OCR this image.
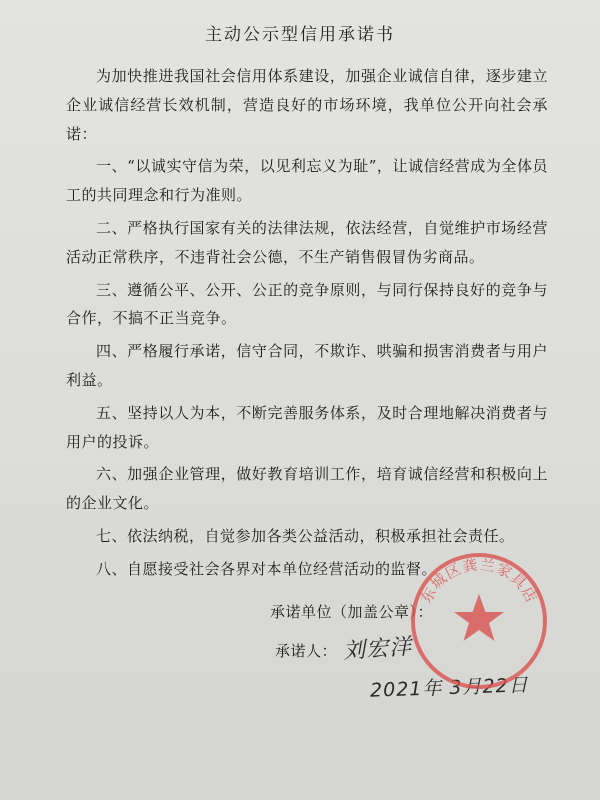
主动公示型信用承诺书

为加快推进我国社会信用体系建设，加强企业诚信自律，逐步建立企业诚信经营长效机制，营造良好的市场环境，我单位公开向社会承诺：

一、“以诚实守信为荣，以见利忘义为耻”，让诚信经营成为全体员工的共同理念和行为准则。

二、严格执行国家有关的法律法规，依法经营，自觉维护市场经营活动正常秩序，不违背社会公德，不生产销售假冒伪劣商品。

三、遵循公平、公开、公正的竞争原则，与同行保持良好的竞争与合作，不搞不正当竞争。

四、严格履行承诺，信守合同，不欺诈、哄骗和损害消费者与用户利益。

五、坚持以人为本，不断完善服务体系，及时合理地解决消费者与用户的投诉。

六、加强企业管理，做好教育培训工作，培育诚信经营和积极向上的企业文化。

七、依法纳税，自觉参加各类公益活动，积极承担社会责任。

八、自愿接受社会各界对本单位经营活动的监督。

承诺单位（加盖公章）：
承诺人： 刘宏洋
2021年 3月22日
东城区龚兰家具店
